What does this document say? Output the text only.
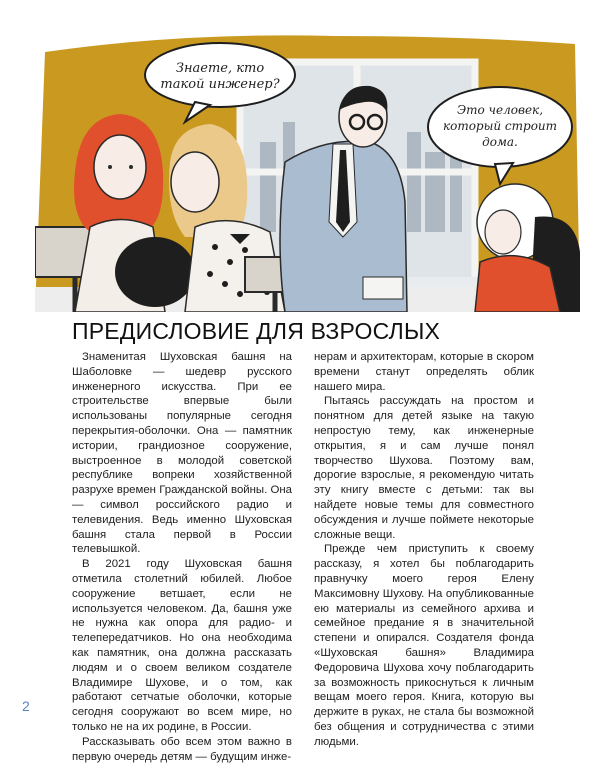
Знаете, кто
такой инженер?
Это человек,
который строит
дома.
ПРЕДИСЛОВИЕ ДЛЯ ВЗРОСЛЫХ

Знаменитая Шуховская башня на Шаболовке — шедевр русского инженерного искусства. При ее строительстве впервые были использованы популярные сегодня перекрытия-оболочки. Она — памятник истории, грандиозное сооружение, выстроенное в молодой советской республике вопреки хозяйственной разрухе времен Гражданской войны. Она — символ российского радио и телевидения. Ведь именно Шуховская башня стала первой в России телевышкой.

В 2021 году Шуховская башня отметила столетний юбилей. Любое сооружение ветшает, если не используется человеком. Да, башня уже не нужна как опора для радио- и телепередатчиков. Но она необходима как памятник, она должна рассказать людям и о своем великом создателе Владимире Шухове, и о том, как работают сетчатые оболочки, которые сегодня сооружают во всем мире, но только не на их родине, в России.

Рассказывать обо всем этом важно в первую очередь детям — будущим инже-

нерам и архитекторам, которые в скором времени станут определять облик нашего мира.

Пытаясь рассуждать на простом и понятном для детей языке на такую непростую тему, как инженерные открытия, я и сам лучше понял творчество Шухова. Поэтому вам, дорогие взрослые, я рекомендую читать эту книгу вместе с детьми: так вы найдете новые темы для совместного обсуждения и лучше поймете некоторые сложные вещи.

Прежде чем приступить к своему рассказу, я хотел бы поблагодарить правнучку моего героя Елену Максимовну Шухову. На опубликованные ею материалы из семейного архива и семейное предание я в значительной степени и опирался. Создателя фонда «Шуховская башня» Владимира Федоровича Шухова хочу поблагодарить за возможность прикоснуться к личным вещам моего героя. Книга, которую вы держите в руках, не стала бы возможной без общения и сотрудничества с этими людьми.

2
